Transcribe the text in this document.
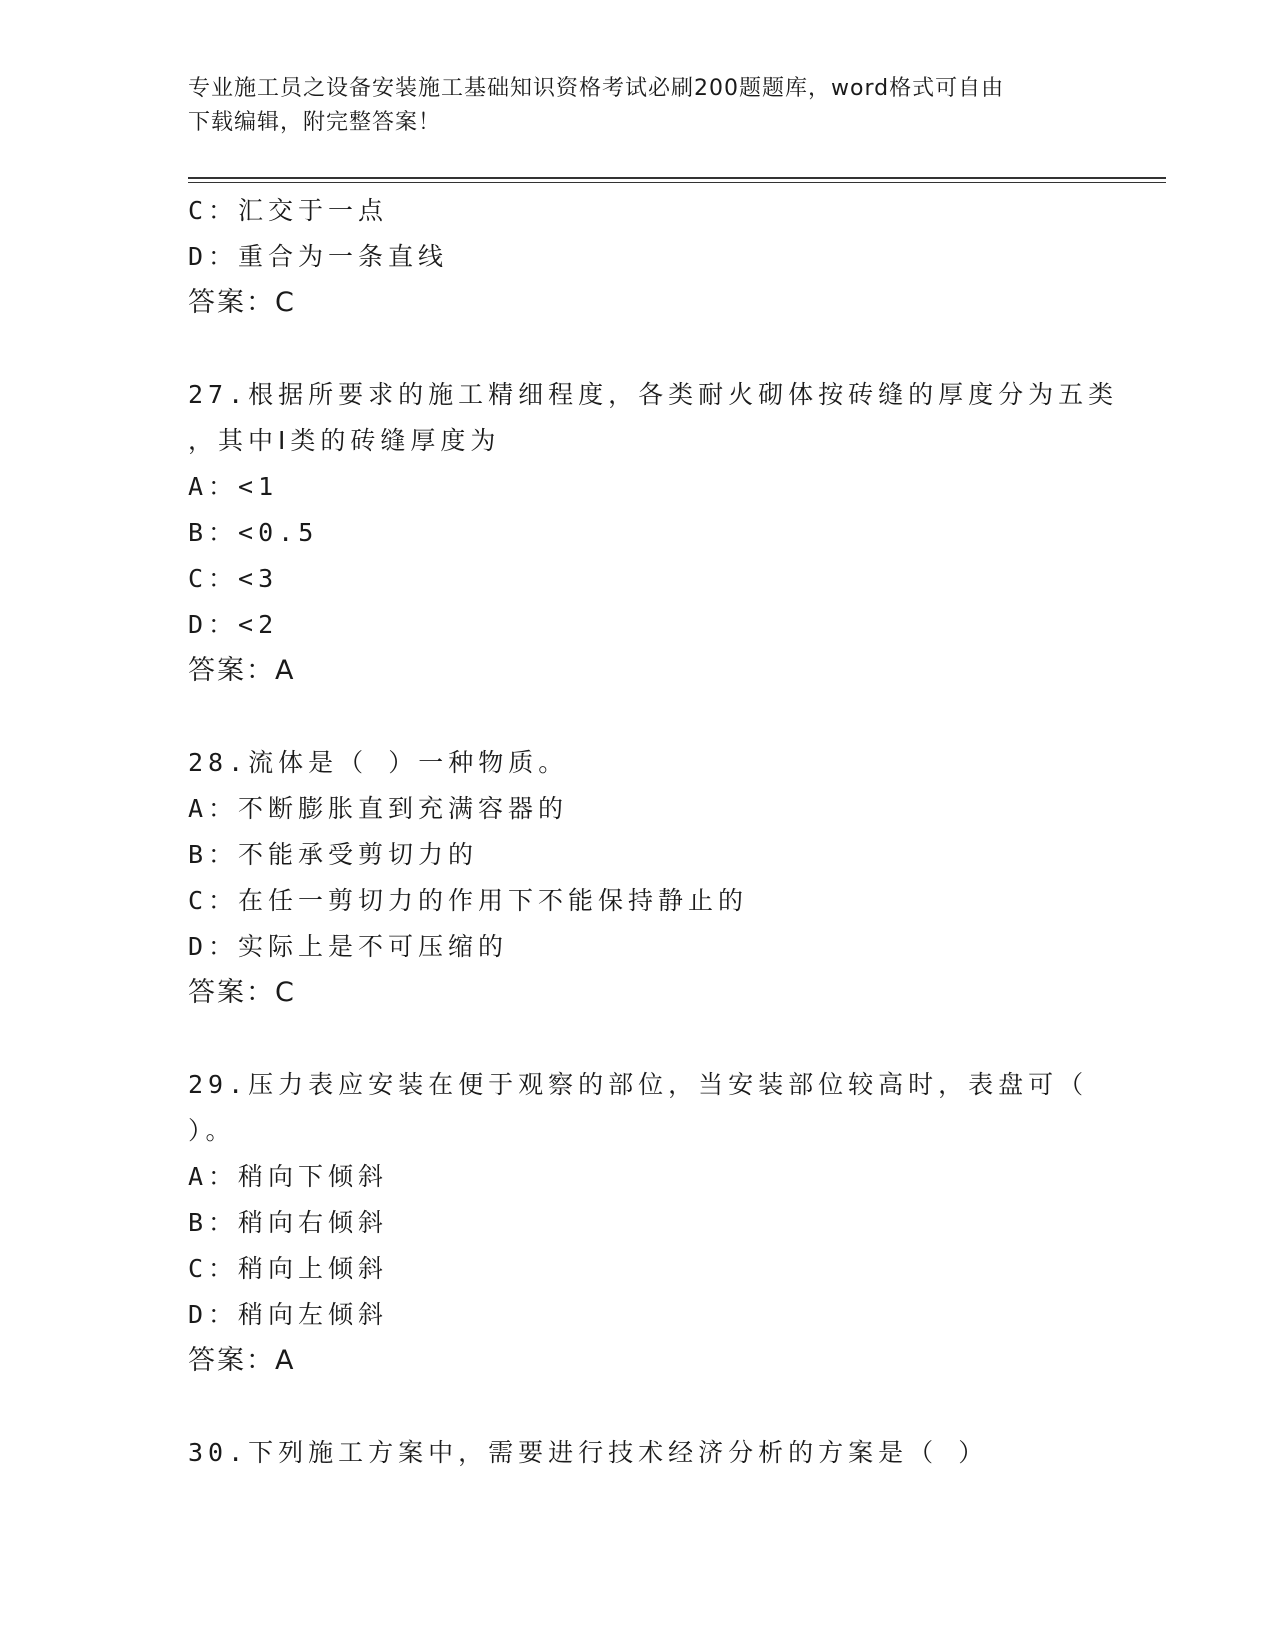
专业施工员之设备安装施工基础知识资格考试必刷200题题库，word格式可自由
下载编辑，附完整答案！
C：汇交于一点
D：重合为一条直线
答案：C
27.根据所要求的施工精细程度，各类耐火砌体按砖缝的厚度分为五类
，其中Ⅰ类的砖缝厚度为
A：<1
B：<0.5
C：<3
D：<2
答案：A
28.流体是（ ）一种物质。
A：不断膨胀直到充满容器的
B：不能承受剪切力的
C：在任一剪切力的作用下不能保持静止的
D：实际上是不可压缩的
答案：C
29.压力表应安装在便于观察的部位，当安装部位较高时，表盘可（
）。
A：稍向下倾斜
B：稍向右倾斜
C：稍向上倾斜
D：稍向左倾斜
答案：A
30.下列施工方案中，需要进行技术经济分析的方案是（ ）
